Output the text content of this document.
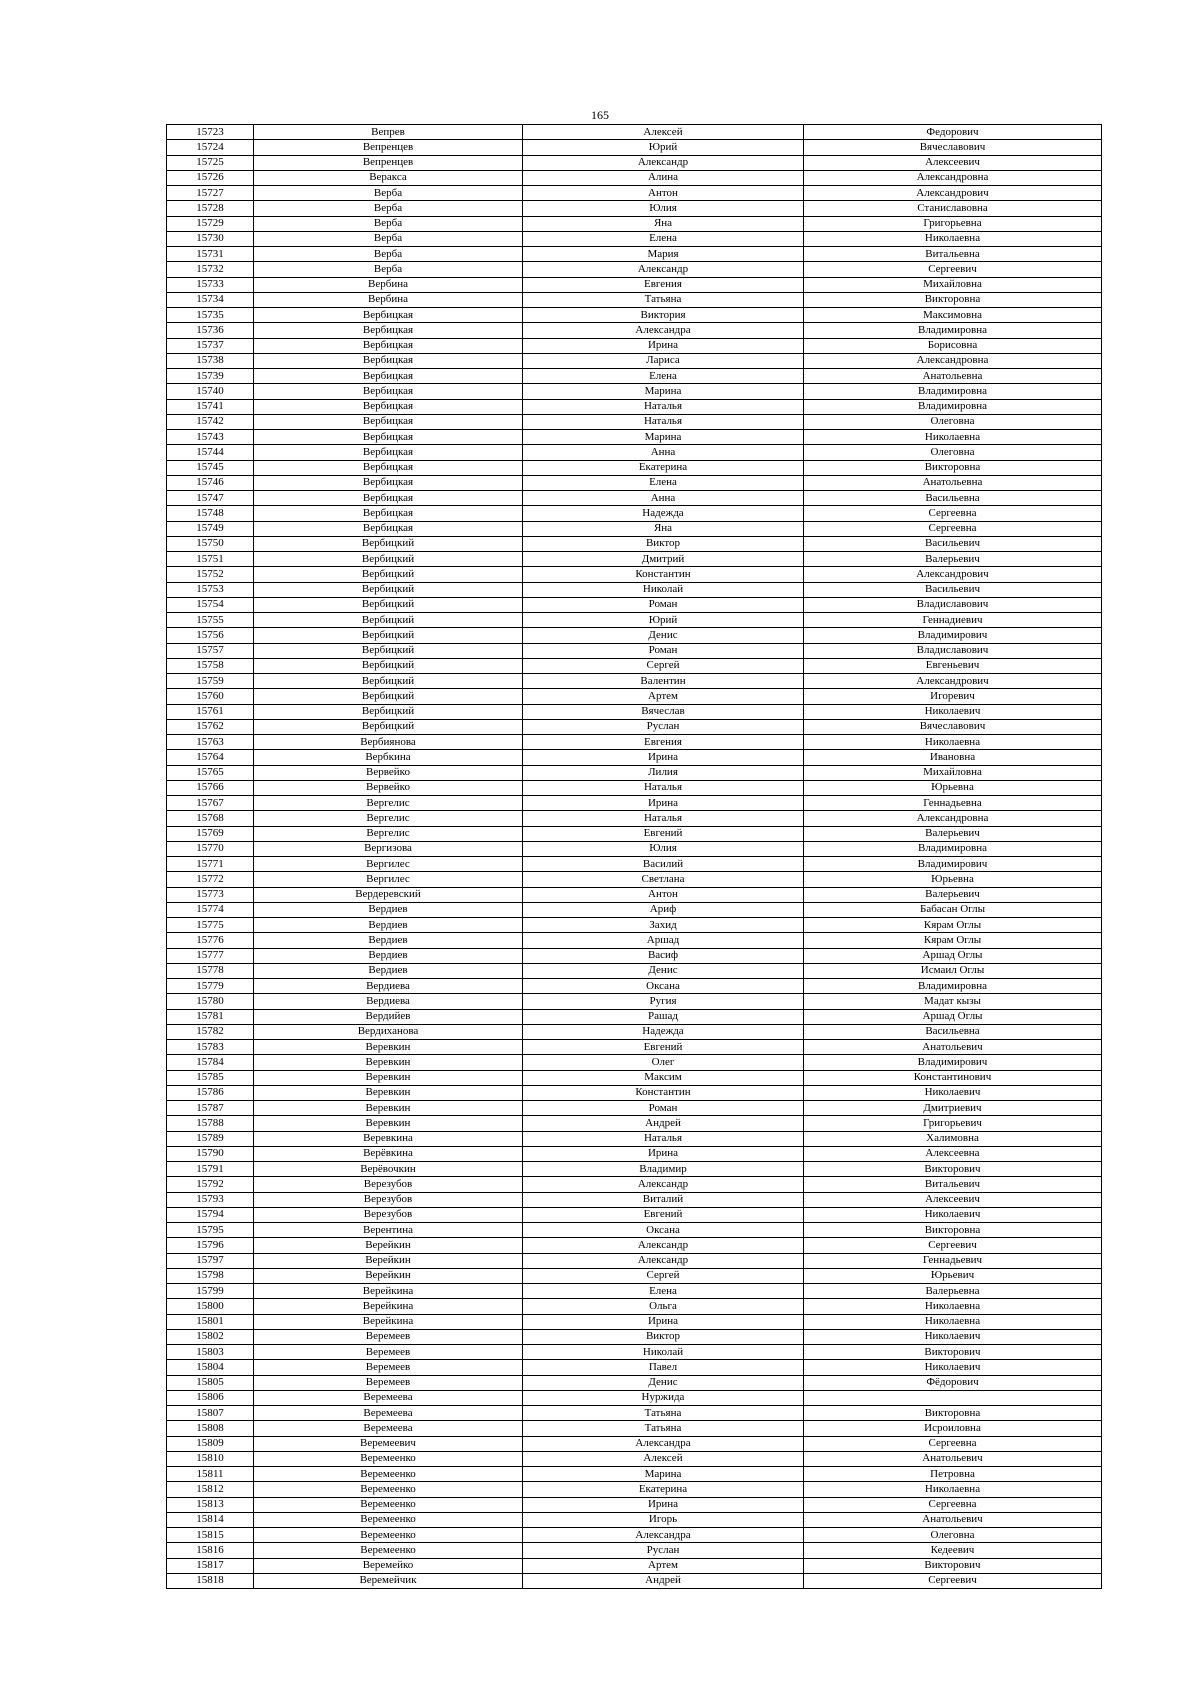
165
15723	Вепрев	Алексей	Федорович
15724	Вепренцев	Юрий	Вячеславович
15725	Вепренцев	Александр	Алексеевич
15726	Веракса	Алина	Александровна
15727	Верба	Антон	Александрович
15728	Верба	Юлия	Станиславовна
15729	Верба	Яна	Григорьевна
15730	Верба	Елена	Николаевна
15731	Верба	Мария	Витальевна
15732	Верба	Александр	Сергеевич
15733	Вербина	Евгения	Михайловна
15734	Вербина	Татьяна	Викторовна
15735	Вербицкая	Виктория	Максимовна
15736	Вербицкая	Александра	Владимировна
15737	Вербицкая	Ирина	Борисовна
15738	Вербицкая	Лариса	Александровна
15739	Вербицкая	Елена	Анатольевна
15740	Вербицкая	Марина	Владимировна
15741	Вербицкая	Наталья	Владимировна
15742	Вербицкая	Наталья	Олеговна
15743	Вербицкая	Марина	Николаевна
15744	Вербицкая	Анна	Олеговна
15745	Вербицкая	Екатерина	Викторовна
15746	Вербицкая	Елена	Анатольевна
15747	Вербицкая	Анна	Васильевна
15748	Вербицкая	Надежда	Сергеевна
15749	Вербицкая	Яна	Сергеевна
15750	Вербицкий	Виктор	Васильевич
15751	Вербицкий	Дмитрий	Валерьевич
15752	Вербицкий	Константин	Александрович
15753	Вербицкий	Николай	Васильевич
15754	Вербицкий	Роман	Владиславович
15755	Вербицкий	Юрий	Геннадиевич
15756	Вербицкий	Денис	Владимирович
15757	Вербицкий	Роман	Владиславович
15758	Вербицкий	Сергей	Евгеньевич
15759	Вербицкий	Валентин	Александрович
15760	Вербицкий	Артем	Игоревич
15761	Вербицкий	Вячеслав	Николаевич
15762	Вербицкий	Руслан	Вячеславович
15763	Вербиянова	Евгения	Николаевна
15764	Вербкина	Ирина	Ивановна
15765	Вервейко	Лилия	Михайловна
15766	Вервейко	Наталья	Юрьевна
15767	Вергелис	Ирина	Геннадьевна
15768	Вергелис	Наталья	Александровна
15769	Вергелис	Евгений	Валерьевич
15770	Вергизова	Юлия	Владимировна
15771	Вергилес	Василий	Владимирович
15772	Вергилес	Светлана	Юрьевна
15773	Вердеревский	Антон	Валерьевич
15774	Вердиев	Ариф	Бабасан Оглы
15775	Вердиев	Захид	Кярам Оглы
15776	Вердиев	Аршад	Кярам Оглы
15777	Вердиев	Васиф	Аршад Оглы
15778	Вердиев	Денис	Исмаил Оглы
15779	Вердиева	Оксана	Владимировна
15780	Вердиева	Ругия	Мадат кызы
15781	Вердийев	Рашад	Аршад Оглы
15782	Вердиханова	Надежда	Васильевна
15783	Веревкин	Евгений	Анатольевич
15784	Веревкин	Олег	Владимирович
15785	Веревкин	Максим	Константинович
15786	Веревкин	Константин	Николаевич
15787	Веревкин	Роман	Дмитриевич
15788	Веревкин	Андрей	Григорьевич
15789	Веревкина	Наталья	Халимовна
15790	Верёвкина	Ирина	Алексеевна
15791	Верёвочкин	Владимир	Викторович
15792	Верезубов	Александр	Витальевич
15793	Верезубов	Виталий	Алексеевич
15794	Верезубов	Евгений	Николаевич
15795	Верентина	Оксана	Викторовна
15796	Верейкин	Александр	Сергеевич
15797	Верейкин	Александр	Геннадьевич
15798	Верейкин	Сергей	Юрьевич
15799	Верейкина	Елена	Валерьевна
15800	Верейкина	Ольга	Николаевна
15801	Верейкина	Ирина	Николаевна
15802	Веремеев	Виктор	Николаевич
15803	Веремеев	Николай	Викторович
15804	Веремеев	Павел	Николаевич
15805	Веремеев	Денис	Фёдорович
15806	Веремеева	Нуржида	
15807	Веремеева	Татьяна	Викторовна
15808	Веремеева	Татьяна	Исроиловна
15809	Веремеевич	Александра	Сергеевна
15810	Веремеенко	Алексей	Анатольевич
15811	Веремеенко	Марина	Петровна
15812	Веремеенко	Екатерина	Николаевна
15813	Веремеенко	Ирина	Сергеевна
15814	Веремеенко	Игорь	Анатольевич
15815	Веремеенко	Александра	Олеговна
15816	Веремеенко	Руслан	Кедеевич
15817	Веремейко	Артем	Викторович
15818	Веремейчик	Андрей	Сергеевич
